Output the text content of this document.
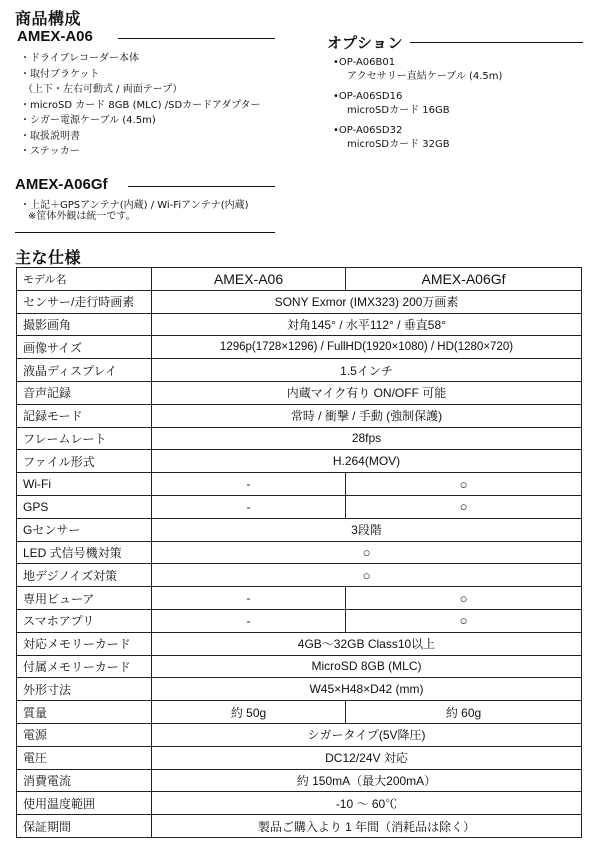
商品構成
AMEX-A06
・ドライブレコーダー本体
・取付ブラケット
（上下・左右可動式 / 両面テープ）
・microSD カード 8GB (MLC) /SDカードアダプター
・シガー電源ケーブル (4.5m)
・取扱説明書
・ステッカー
AMEX-A06Gf
・上記＋GPSアンテナ(内蔵) / Wi-Fiアンテナ(内蔵)
※筐体外観は統一です。
オプション
•OP-A06B01
アクセサリー直結ケーブル (4.5m)
•OP-A06SD16
microSDカード 16GB
•OP-A06SD32
microSDカード 32GB
主な仕様
モデル名	AMEX-A06	AMEX-A06Gf
センサー/走行時画素	SONY Exmor (IMX323) 200万画素	
撮影画角	対角145° / 水平112° / 垂直58°	
画像サイズ	1296p(1728×1296) / FullHD(1920×1080) / HD(1280×720)	
液晶ディスプレイ	1.5インチ	
音声記録	内蔵マイク有り ON/OFF 可能	
記録モード	常時 / 衝撃 / 手動 (強制保護)	
フレームレート	28fps	
ファイル形式	H.264(MOV)	
Wi-Fi	-	○
GPS	-	○
Gセンサー	3段階	
LED 式信号機対策	○	
地デジノイズ対策	○	
専用ビューア	-	○
スマホアプリ	-	○
対応メモリーカード	4GB〜32GB Class10以上	
付属メモリーカード	MicroSD 8GB (MLC)	
外形寸法	W45×H48×D42 (mm)	
質量	約 50g	約 60g
電源	シガータイプ(5V降圧)	
電圧	DC12/24V 対応	
消費電流	約 150mA（最大200mA）	
使用温度範囲	-10 〜 60℃	
保証期間	製品ご購入より 1 年間（消耗品は除く）	
